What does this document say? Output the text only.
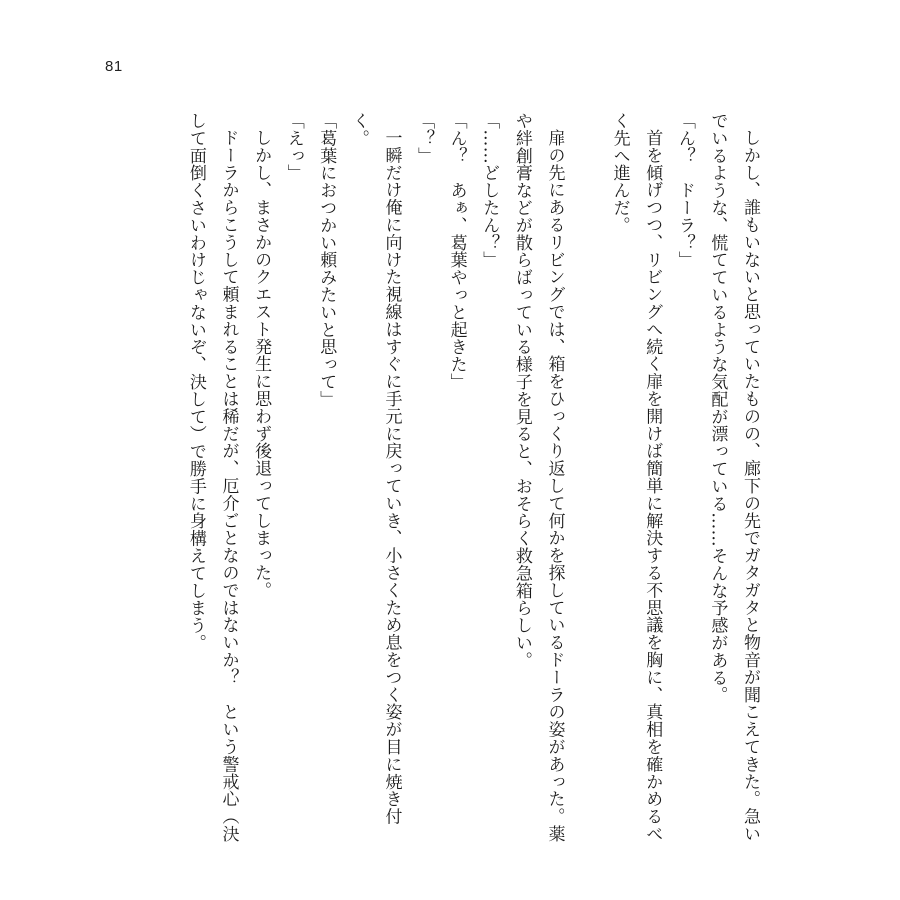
81

しかし、誰もいないと思っていたものの、廊下の先でガタガタと物音が聞こえてきた。急いでいるような、慌てているような気配が漂っている……そんな予感がある。

「ん？　ドーラ？」

首を傾げつつ、リビングへ続く扉を開けば簡単に解決する不思議を胸に、真相を確かめるべく先へ進んだ。

扉の先にあるリビングでは、箱をひっくり返して何かを探しているドーラの姿があった。薬や絆創膏などが散らばっている様子を見ると、おそらく救急箱らしい。

「……どしたん？」

「ん？　あぁ、葛葉やっと起きた」

「？」

一瞬だけ俺に向けた視線はすぐに手元に戻っていき、小さくため息をつく姿が目に焼き付く。

「葛葉におつかい頼みたいと思って」

「えっ」

しかし、まさかのクエスト発生に思わず後退ってしまった。

ドーラからこうして頼まれることは稀だが、厄介ごとなのではないか？　という警戒心（決して面倒くさいわけじゃないぞ、決して）で勝手に身構えてしまう。
